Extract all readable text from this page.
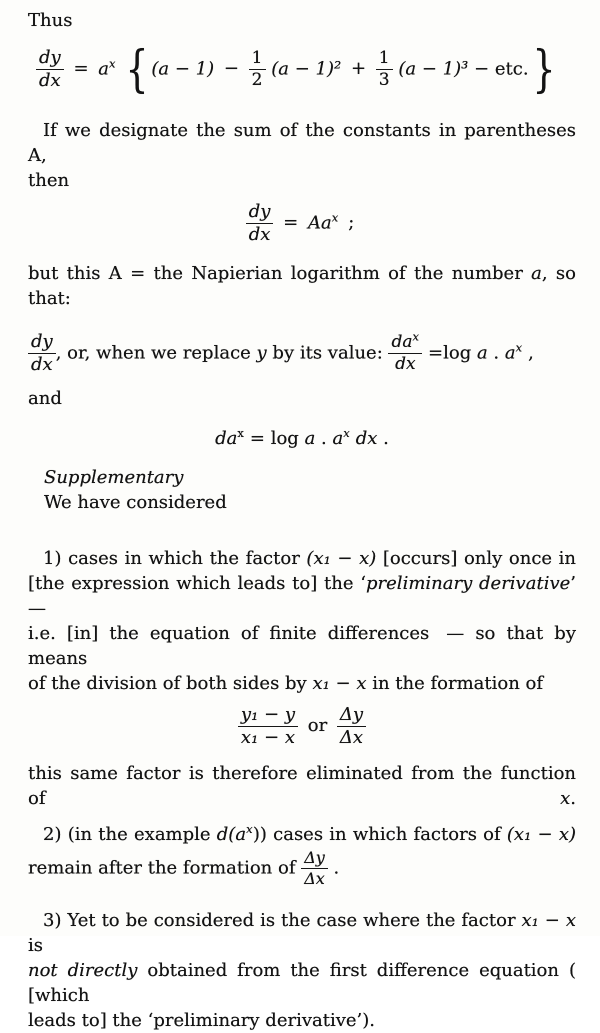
Thus
$\frac{dy}{dx} = a^x$ { $(a - 1) - \frac{1}{2} (a - 1)^2 + \frac{1}{3} (a - 1)^3 - etc$.}
If we designate the sum of the constants in parentheses A,
then
$\frac{dy}{dx} = Aa^x$ ;
but this A = the Napierian logarithm of the number a, so that:
$\frac{dy}{dx}$ , or, when we replace y by its value: $\frac{da^x}{dx} =\log$ a . $a^x$ ,
and
$da^x = \log a$ . $a^x$ dx .
Supplementary
We have considered
1) cases in which the factor (x₁ − x) [occurs] only once in
[the expression which leads to] the ‘preliminary derivative’ —
i.e. [in] the equation of finite differences — so that by means
of the division of both sides by x₁ − x in the formation of
$\frac{\text{y₁ − y}}{\text{x₁ − x}}$ or $\frac{\Delta y}{\Delta x}$
this same factor is therefore eliminated from the function of x.
2) (in the example $d(a^x)$) cases in which factors of (x₁ − x)
remain after the formation of $\frac{\Delta y}{\Delta x}$ .
3) Yet to be considered is the case where the factor x₁ − x is
not directly obtained from the first difference equation ( [which
leads to] the ‘preliminary derivative’).
